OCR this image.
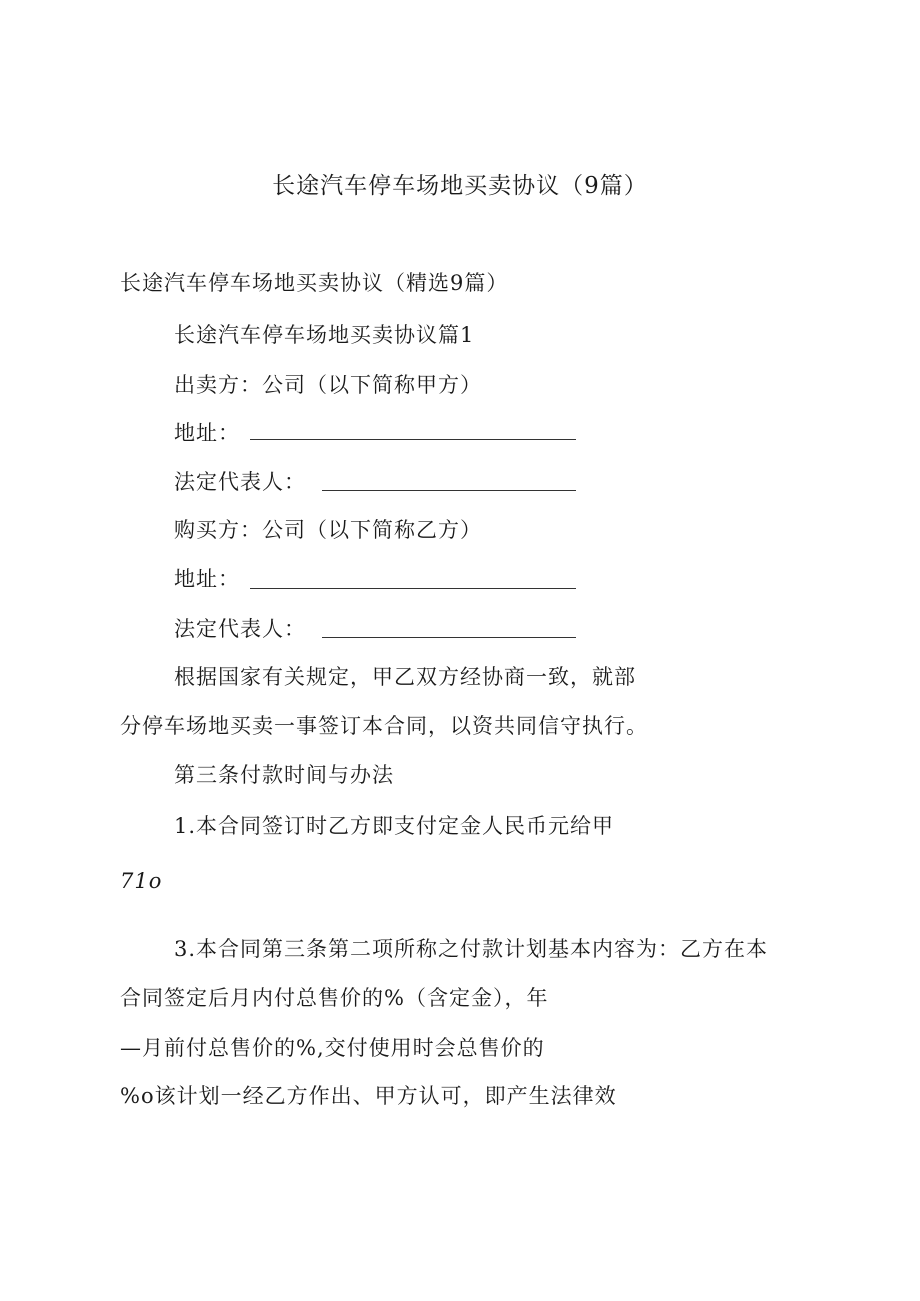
长途汽车停车场地买卖协议（9篇）
长途汽车停车场地买卖协议（精选9篇）
长途汽车停车场地买卖协议篇1
出卖方：公司（以下简称甲方）
地址：
法定代表人：
购买方：公司（以下简称乙方）
地址：
法定代表人：
根据国家有关规定，甲乙双方经协商一致，就部
分停车场地买卖一事签订本合同，以资共同信守执行。
第三条付款时间与办法
1.本合同签订时乙方即支付定金人民币元给甲
71o
3.本合同第三条第二项所称之付款计划基本内容为：乙方在本
合同签定后月内付总售价的%（含定金），年
—月前付总售价的%,交付使用时会总售价的
%o该计划一经乙方作出、甲方认可，即产生法律效
